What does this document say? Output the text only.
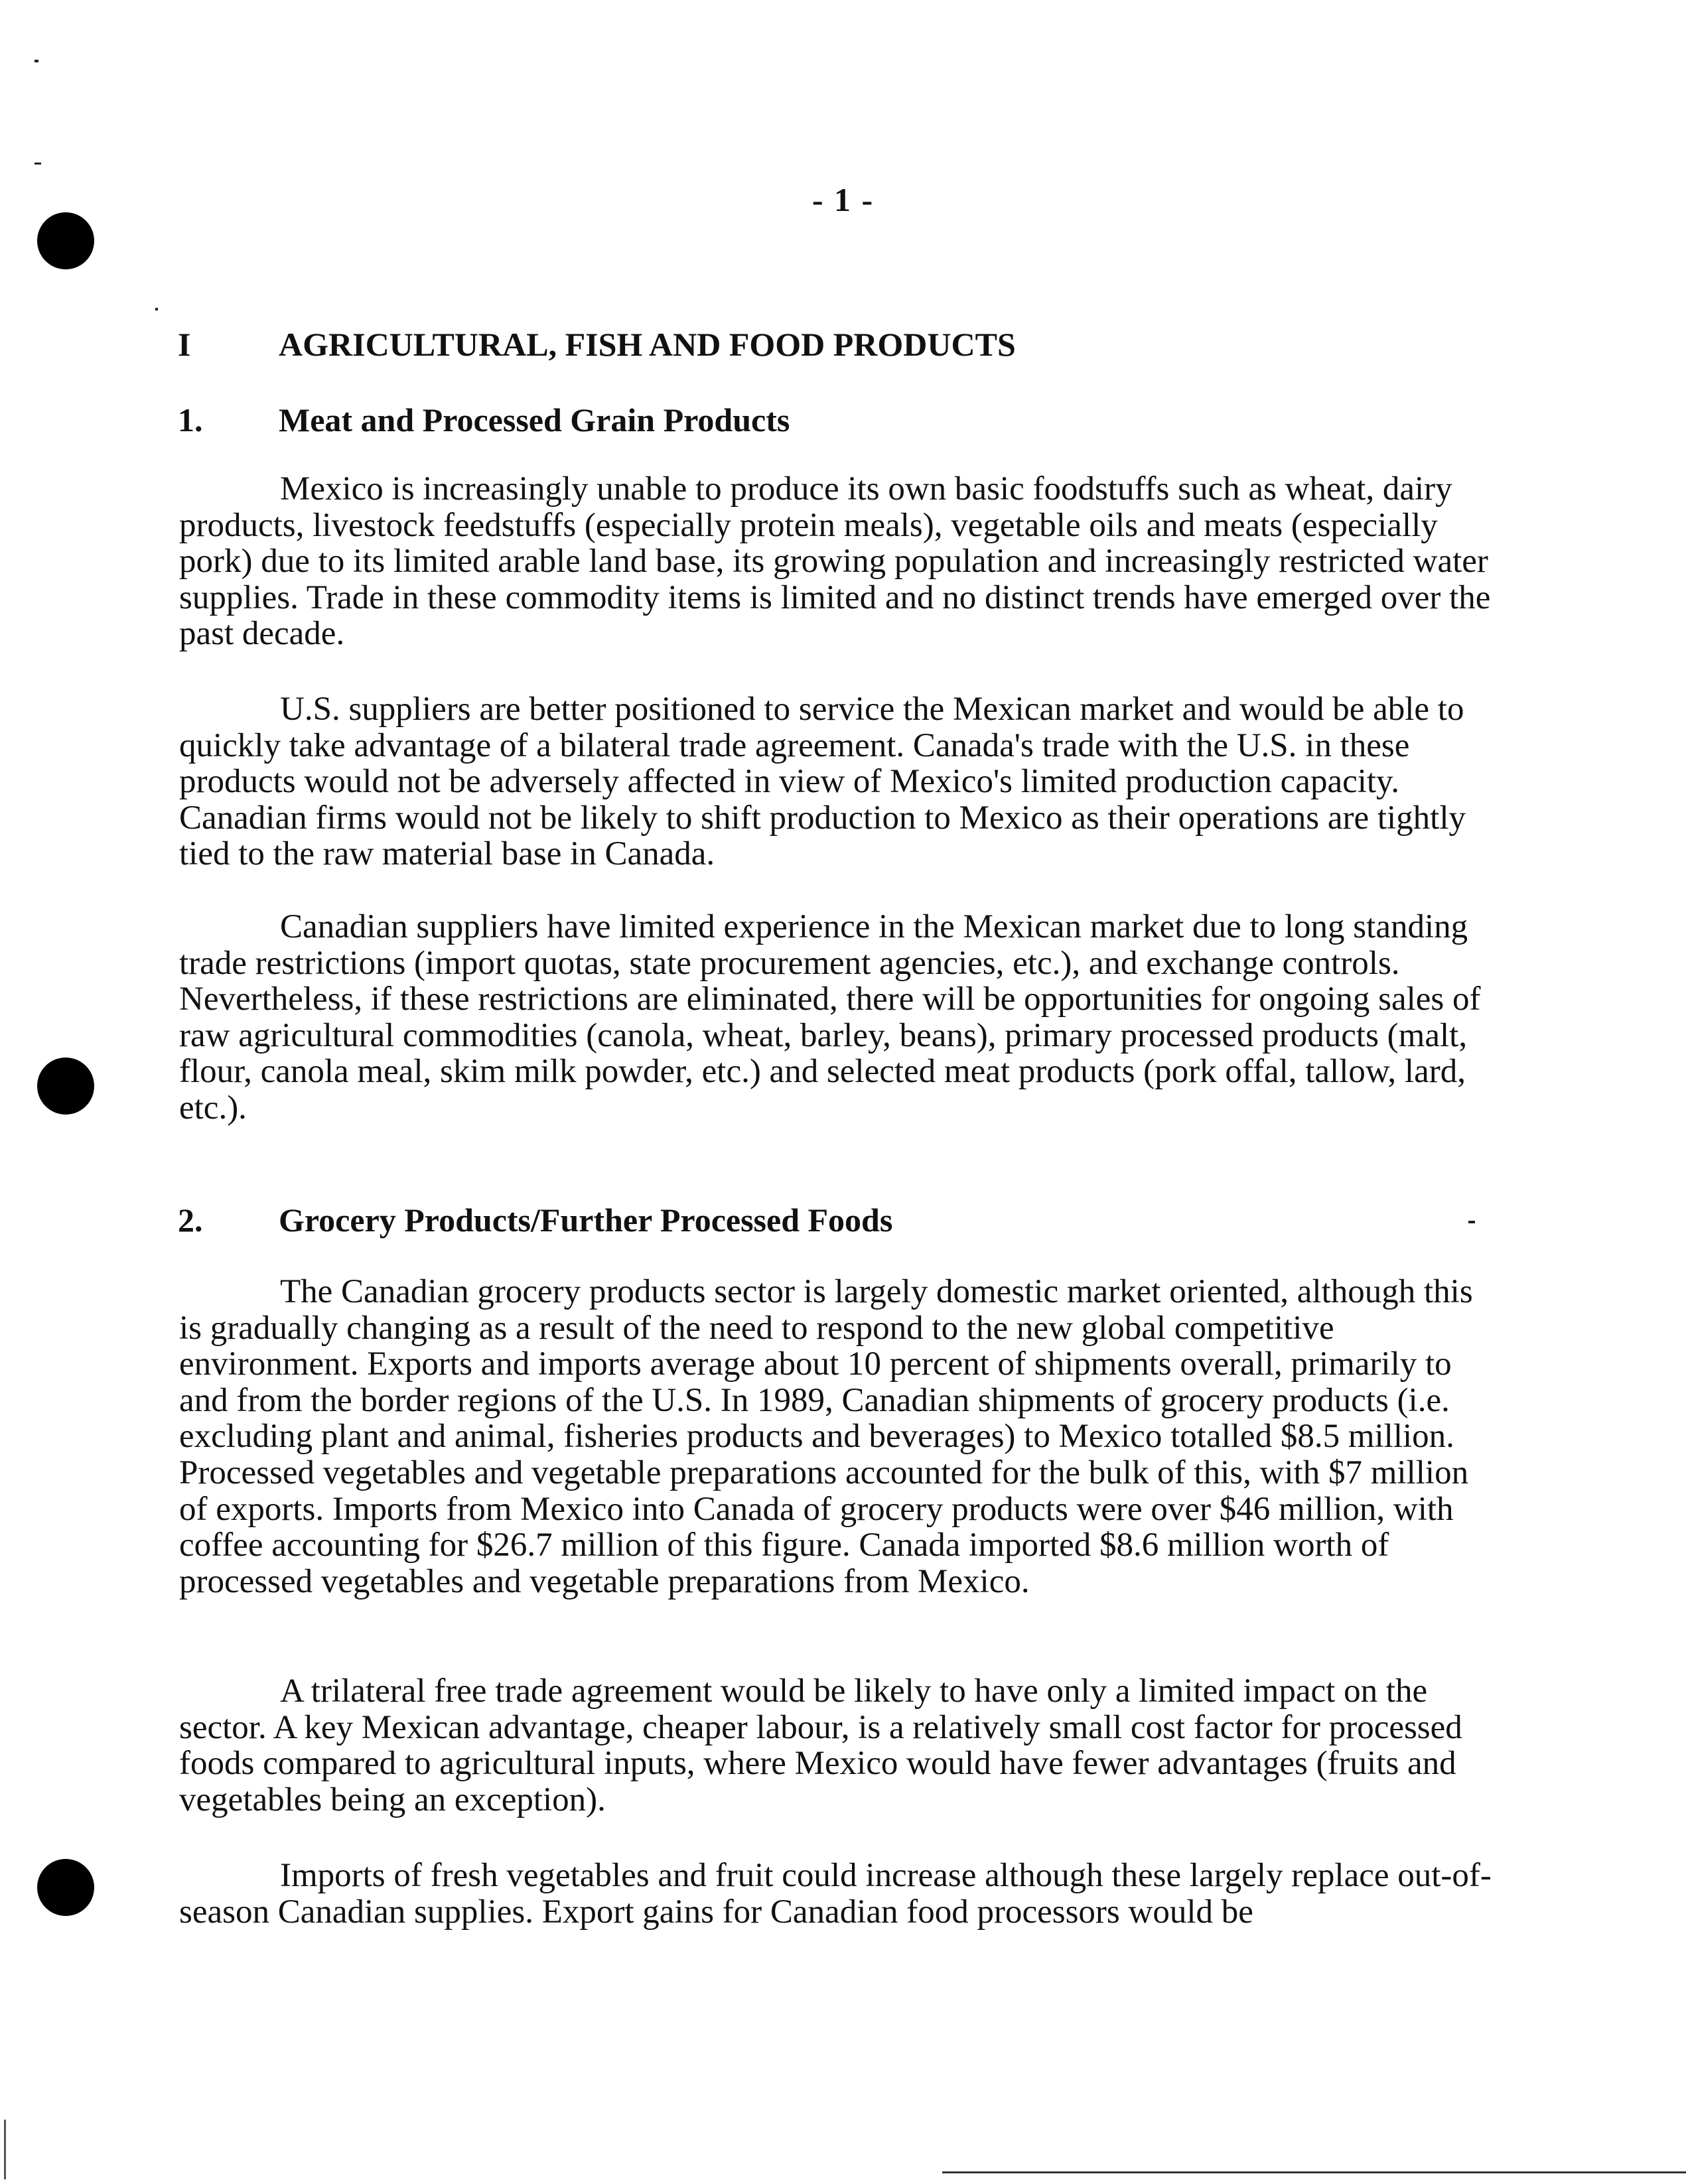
- 1 -
I	AGRICULTURAL, FISH AND FOOD PRODUCTS
1. Meat and Processed Grain Products

Mexico is increasingly unable to produce its own basic foodstuffs such as wheat, dairy products, livestock feedstuffs (especially protein meals), vegetable oils and meats (especially pork) due to its limited arable land base, its growing population and increasingly restricted water supplies. Trade in these commodity items is limited and no distinct trends have emerged over the past decade.

U.S. suppliers are better positioned to service the Mexican market and would be able to quickly take advantage of a bilateral trade agreement. Canada's trade with the U.S. in these products would not be adversely affected in view of Mexico's limited production capacity. Canadian firms would not be likely to shift production to Mexico as their operations are tightly tied to the raw material base in Canada.

Canadian suppliers have limited experience in the Mexican market due to long standing trade restrictions (import quotas, state procurement agencies, etc.), and exchange controls. Nevertheless, if these restrictions are eliminated, there will be opportunities for ongoing sales of raw agricultural commodities (canola, wheat, barley, beans), primary processed products (malt, flour, canola meal, skim milk powder, etc.) and selected meat products (pork offal, tallow, lard, etc.).

2. Grocery Products/Further Processed Foods

The Canadian grocery products sector is largely domestic market oriented, although this is gradually changing as a result of the need to respond to the new global competitive environment. Exports and imports average about 10 percent of shipments overall, primarily to and from the border regions of the U.S. In 1989, Canadian shipments of grocery products (i.e. excluding plant and animal, fisheries products and beverages) to Mexico totalled $8.5 million. Processed vegetables and vegetable preparations accounted for the bulk of this, with $7 million of exports. Imports from Mexico into Canada of grocery products were over $46 million, with coffee accounting for $26.7 million of this figure. Canada imported $8.6 million worth of processed vegetables and vegetable preparations from Mexico.

A trilateral free trade agreement would be likely to have only a limited impact on the sector. A key Mexican advantage, cheaper labour, is a relatively small cost factor for processed foods compared to agricultural inputs, where Mexico would have fewer advantages (fruits and vegetables being an exception).

Imports of fresh vegetables and fruit could increase although these largely replace out-of-season Canadian supplies. Export gains for Canadian food processors would be
